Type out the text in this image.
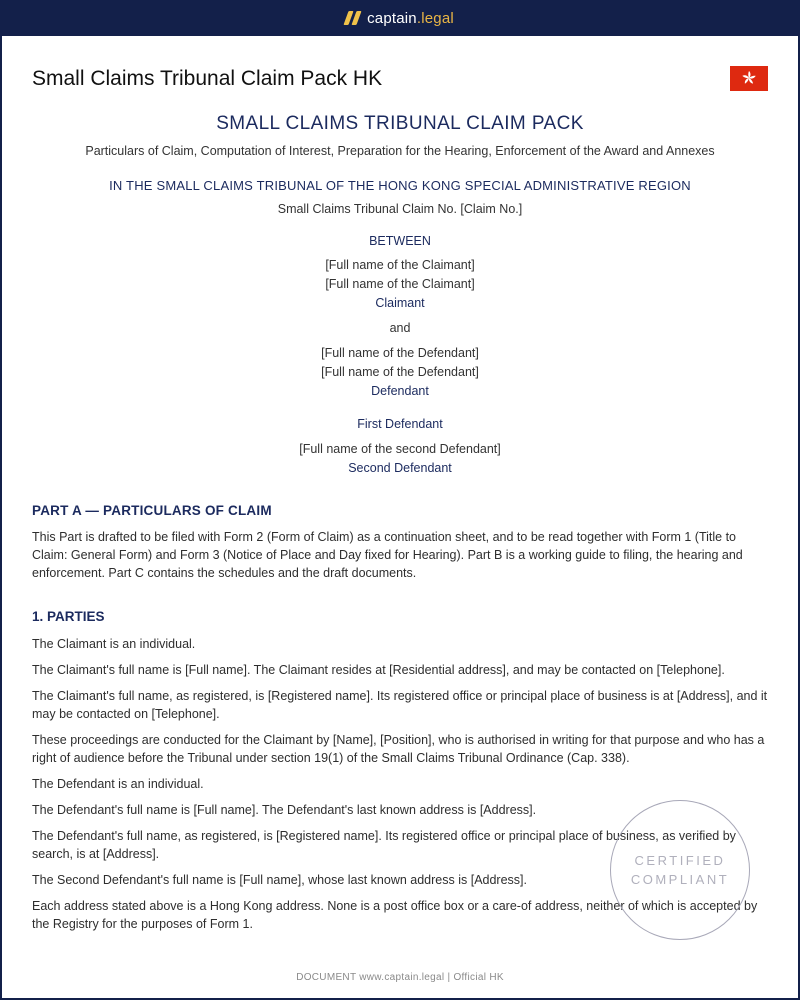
captain.legal
Small Claims Tribunal Claim Pack HK
SMALL CLAIMS TRIBUNAL CLAIM PACK

Particulars of Claim, Computation of Interest, Preparation for the Hearing, Enforcement of the Award and Annexes

IN THE SMALL CLAIMS TRIBUNAL OF THE HONG KONG SPECIAL ADMINISTRATIVE REGION

Small Claims Tribunal Claim No. [Claim No.]

BETWEEN

[Full name of the Claimant]

[Full name of the Claimant]

Claimant

and

[Full name of the Defendant]

[Full name of the Defendant]

Defendant

First Defendant

[Full name of the second Defendant]

Second Defendant

PART A — PARTICULARS OF CLAIM

This Part is drafted to be filed with Form 2 (Form of Claim) as a continuation sheet, and to be read together with Form 1 (Title to Claim: General Form) and Form 3 (Notice of Place and Day fixed for Hearing). Part B is a working guide to filing, the hearing and enforcement. Part C contains the schedules and the draft documents.

1. PARTIES

The Claimant is an individual.

The Claimant's full name is [Full name]. The Claimant resides at [Residential address], and may be contacted on [Telephone].

The Claimant's full name, as registered, is [Registered name]. Its registered office or principal place of business is at [Address], and it may be contacted on [Telephone].

These proceedings are conducted for the Claimant by [Name], [Position], who is authorised in writing for that purpose and who has a right of audience before the Tribunal under section 19(1) of the Small Claims Tribunal Ordinance (Cap. 338).

The Defendant is an individual.

The Defendant's full name is [Full name]. The Defendant's last known address is [Address].

The Defendant's full name, as registered, is [Registered name]. Its registered office or principal place of business, as verified by search, is at [Address].

The Second Defendant's full name is [Full name], whose last known address is [Address].

Each address stated above is a Hong Kong address. None is a post office box or a care-of address, neither of which is accepted by the Registry for the purposes of Form 1.

CERTIFIED
COMPLIANT
DOCUMENT www.captain.legal | Official HK
